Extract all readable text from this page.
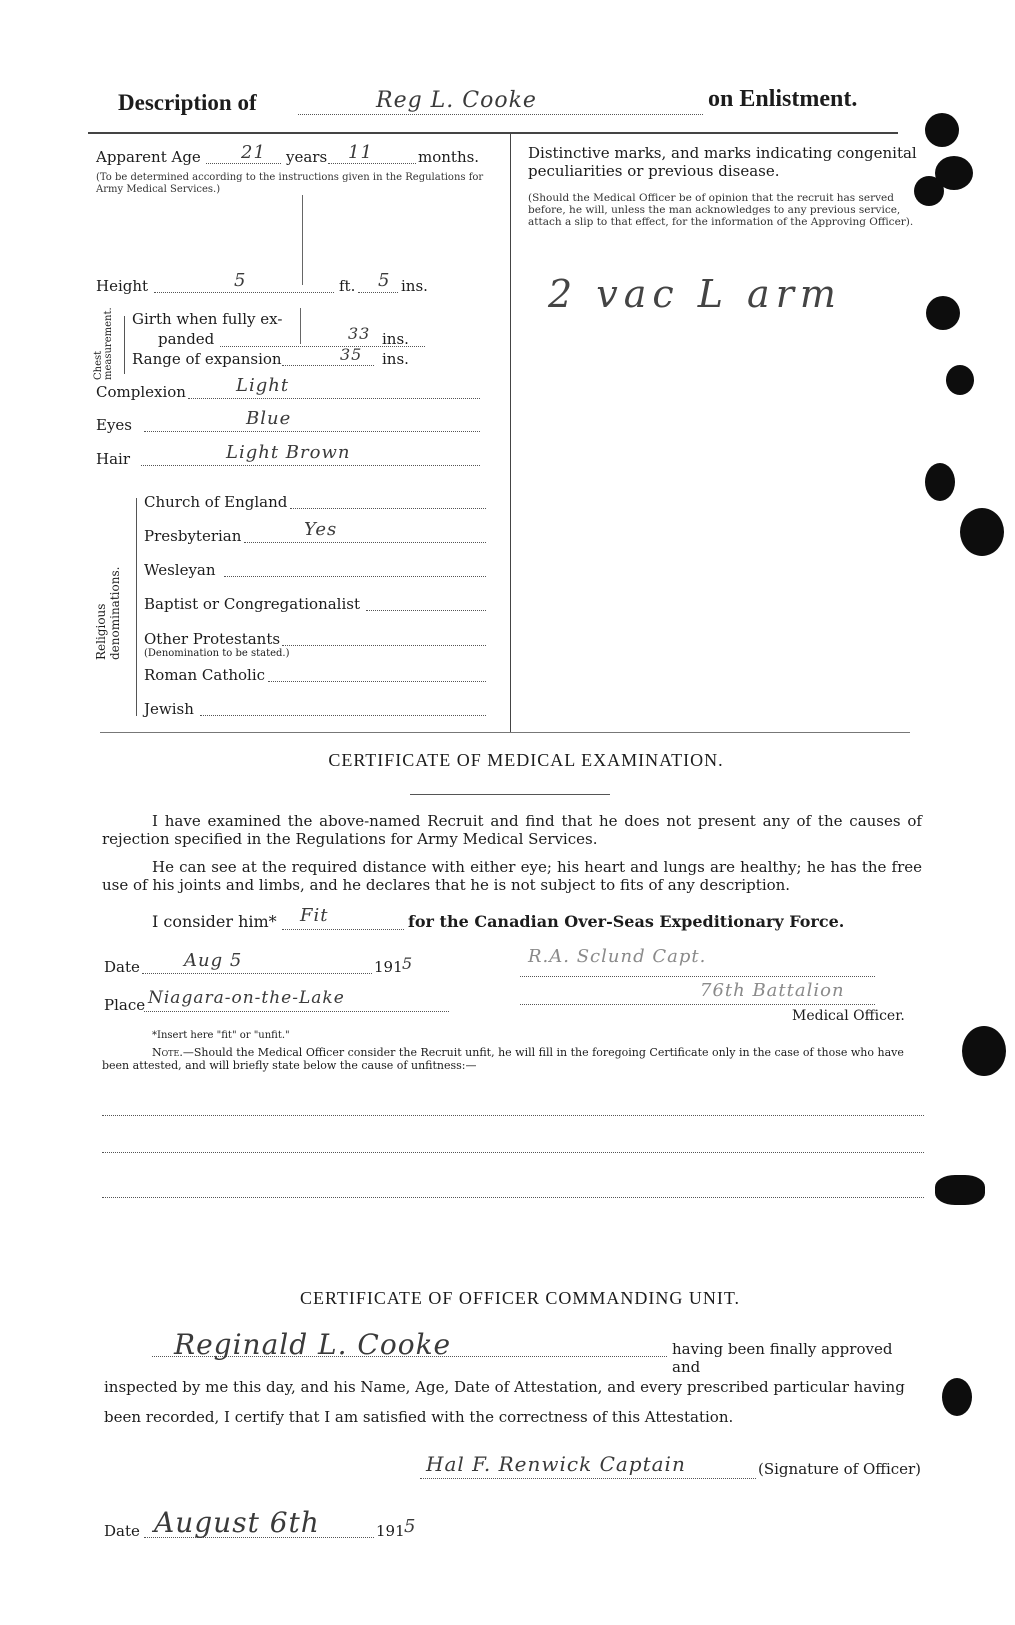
Description of	Reg L. Cooke	on Enlistment.
Apparent Age 21 years 11	months.
(To be determined according to the instructions given in the Regulations for Army Medical Services.)
Height	5	ft. 5 ins.
Chest measurement.	Girth when fully ex-
panded	33 ins.
Range of expansion	35 ins.
Complexion	Light
Eyes	Blue
Hair	Light Brown
Religious denominations.
Church of England
Presbyterian	Yes
Wesleyan
Baptist or Congregationalist
Other Protestants
(Denomination to be stated.)
Roman Catholic
Jewish
Distinctive marks, and marks indicating congenital peculiarities or previous disease.
(Should the Medical Officer be of opinion that the recruit has served before, he will, unless the man acknowledges to any previous service, attach a slip to that effect, for the information of the Approving Officer).
2 vac L arm
CERTIFICATE OF MEDICAL EXAMINATION.
I have examined the above-named Recruit and find that he does not present any of the causes of rejection specified in the Regulations for Army Medical Services.
He can see at the required distance with either eye; his heart and lungs are healthy; he has the free use of his joints and limbs, and he declares that he is not subject to fits of any description.
I consider him* Fit	for the Canadian Over-Seas Expeditionary Force.
Date Aug 5	191 5	R.A. Sclund Capt.
Place Niagara-on-the-Lake	76th Battalion
Medical Officer.
*Insert here "fit" or "unfit."
Note.—Should the Medical Officer consider the Recruit unfit, he will fill in the foregoing Certificate only in the case of those who have been attested, and will briefly state below the cause of unfitness:—
CERTIFICATE OF OFFICER COMMANDING UNIT.
Reginald L. Cooke	having been finally approved and
inspected by me this day, and his Name, Age, Date of Attestation, and every prescribed particular having
been recorded, I certify that I am satisfied with the correctness of this Attestation.
Hal F. Renwick Captain	(Signature of Officer)
Date August 6th	191 5
